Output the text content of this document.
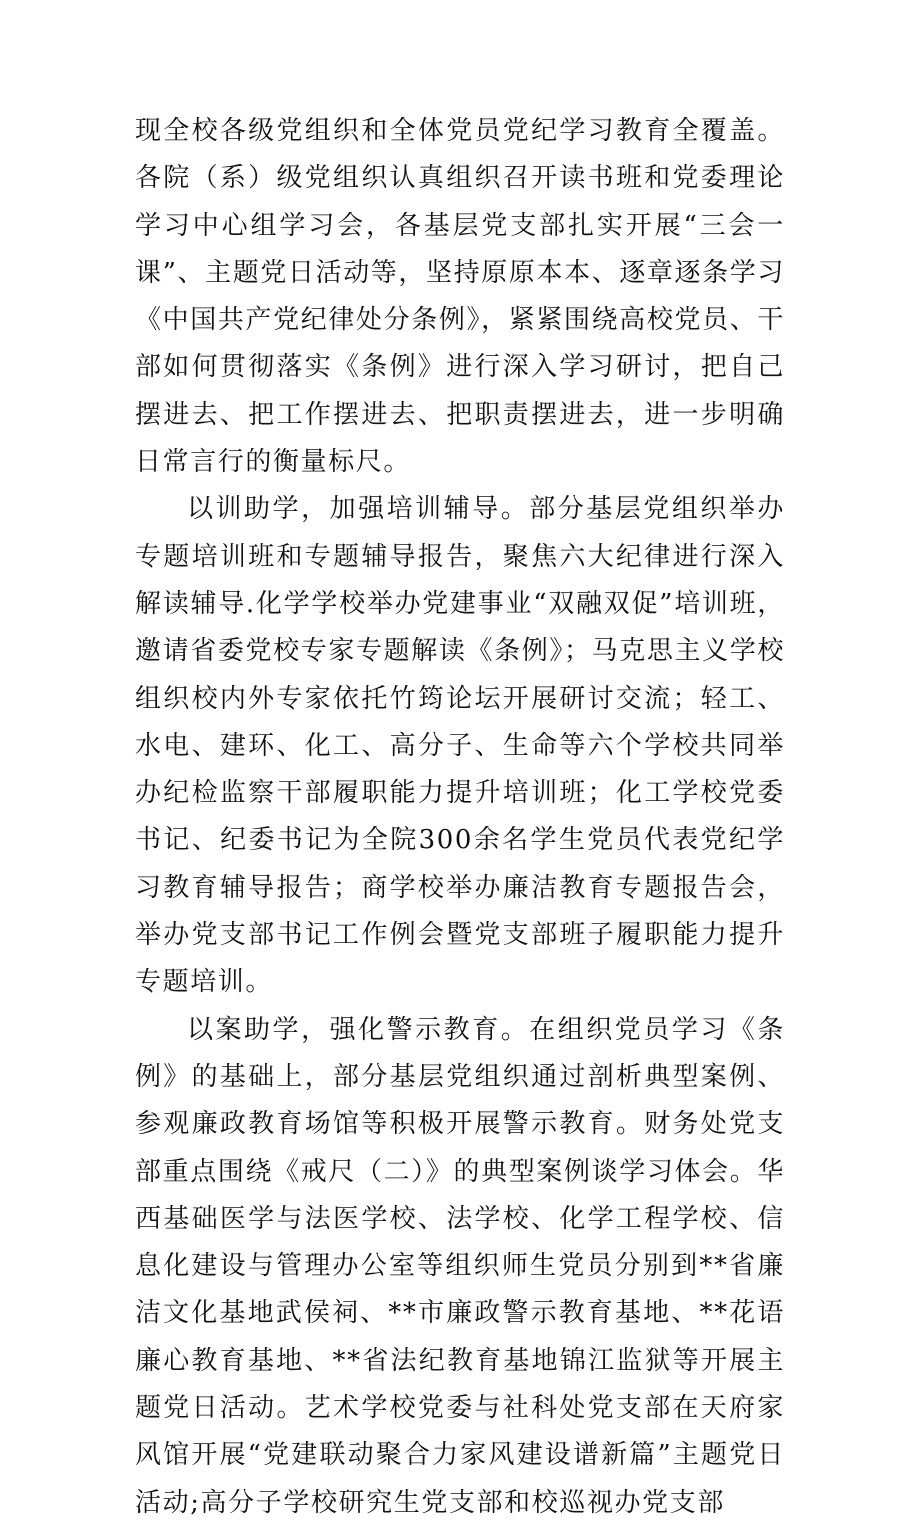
现全校各级党组织和全体党员党纪学习教育全覆盖。各院（系）级党组织认真组织召开读书班和党委理论学习中心组学习会，各基层党支部扎实开展“三会一课”、主题党日活动等，坚持原原本本、逐章逐条学习《中国共产党纪律处分条例》，紧紧围绕高校党员、干部如何贯彻落实《条例》进行深入学习研讨，把自己摆进去、把工作摆进去、把职责摆进去，进一步明确日常言行的衡量标尺。

以训助学，加强培训辅导。部分基层党组织举办专题培训班和专题辅导报告，聚焦六大纪律进行深入解读辅导.化学学校举办党建事业“双融双促”培训班，邀请省委党校专家专题解读《条例》；马克思主义学校组织校内外专家依托竹筠论坛开展研讨交流；轻工、水电、建环、化工、高分子、生命等六个学校共同举办纪检监察干部履职能力提升培训班；化工学校党委书记、纪委书记为全院300余名学生党员代表党纪学习教育辅导报告；商学校举办廉洁教育专题报告会，举办党支部书记工作例会暨党支部班子履职能力提升专题培训。

以案助学，强化警示教育。在组织党员学习《条例》的基础上，部分基层党组织通过剖析典型案例、参观廉政教育场馆等积极开展警示教育。财务处党支部重点围绕《戒尺（二）》的典型案例谈学习体会。华西基础医学与法医学校、法学校、化学工程学校、信息化建设与管理办公室等组织师生党员分别到**省廉洁文化基地武侯祠、**市廉政警示教育基地、**花语廉心教育基地、**省法纪教育基地锦江监狱等开展主题党日活动。艺术学校党委与社科处党支部在天府家风馆开展“党建联动聚合力家风建设谱新篇”主题党日活动;高分子学校研究生党支部和校巡视办党支部
